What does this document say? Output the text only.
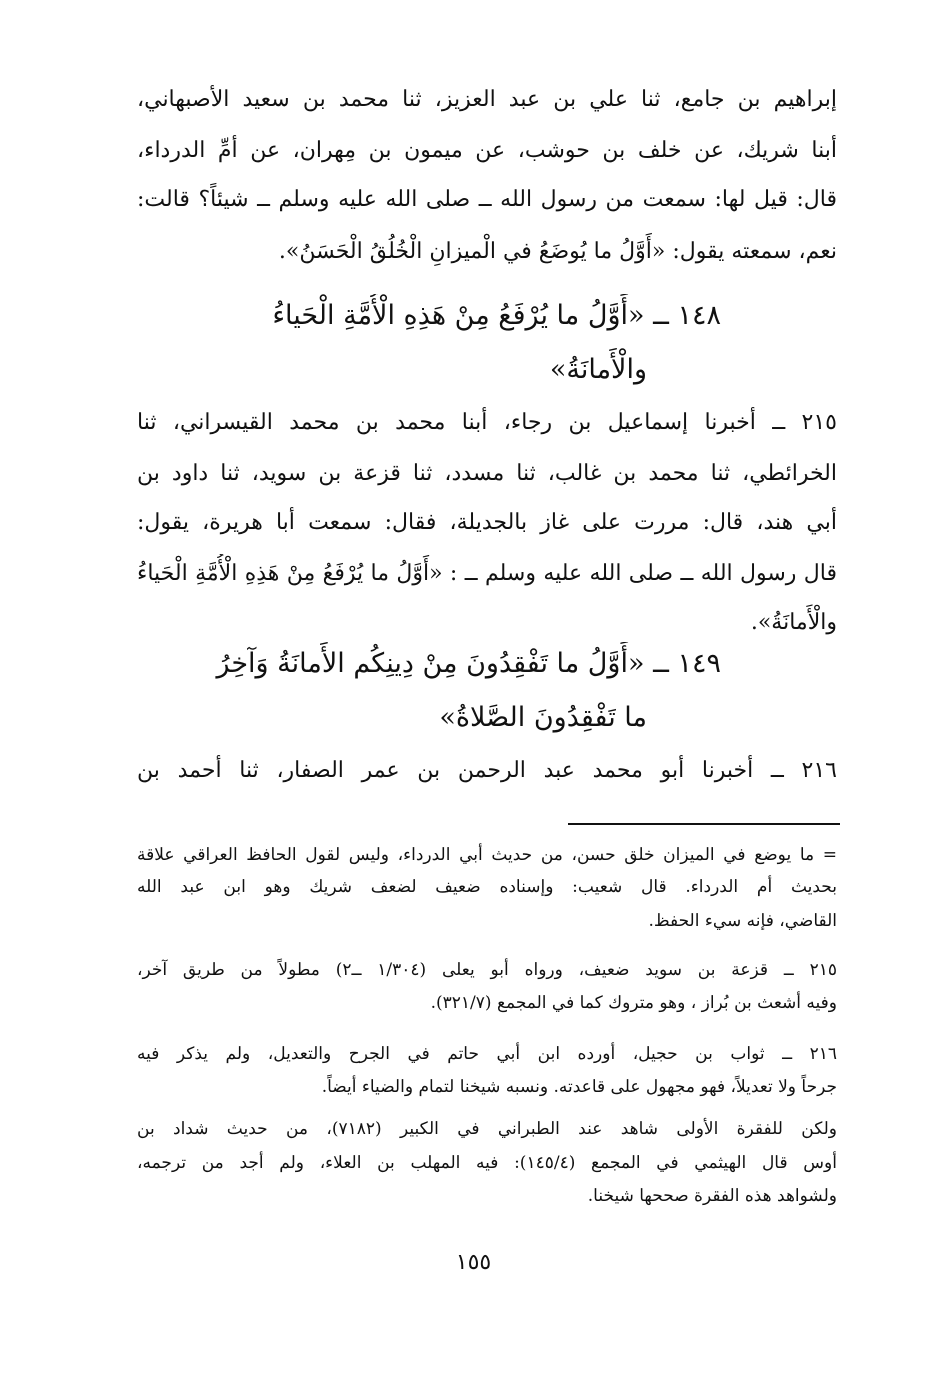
إبراهيم بن جامع، ثنا علي بن عبد العزيز، ثنا محمد بن سعيد الأصبهاني،
أبنا شريك، عن خلف بن حوشب، عن ميمون بن مِهران، عن أمِّ الدرداء،
قال: قيل لها: سمعت من رسول الله ــ صلى الله عليه وسلم ــ شيئاً؟ قالت:
نعم، سمعته يقول: «أَوَّلُ ما يُوضَعُ في الْميزانِ الْخُلُقُ الْحَسَنُ».
١٤٨ ــ «أَوَّلُ ما يُرْفَعُ مِنْ هَذِهِ الْأُمَّةِ الْحَياءُ
والْأَمانَةُ»
٢١٥ ــ أخبرنا إسماعيل بن رجاء، أبنا محمد بن محمد القيسراني، ثنا
الخرائطي، ثنا محمد بن غالب، ثنا مسدد، ثنا قزعة بن سويد، ثنا داود بن
أبي هند، قال: مررت على غاز بالجديلة، فقال: سمعت أبا هريرة، يقول:
قال رسول الله ــ صلى الله عليه وسلم ــ : «أَوَّلُ ما يُرْفَعُ مِنْ هَذِهِ الْأُمَّةِ الْحَياءُ
والْأَمانَةُ».
١٤٩ ــ «أَوَّلُ ما تَفْقِدُونَ مِنْ دِينِكُم الأَمانَةُ وَآخِرُ
ما تَفْقِدُونَ الصَّلاةُ»
٢١٦ ــ أخبرنا أبو محمد عبد الرحمن بن عمر الصفار، ثنا أحمد بن
= ما يوضع في الميزان خلق حسن، من حديث أبي الدرداء، وليس لقول الحافظ العراقي علاقة
بحديث أم الدرداء. قال شعيب: وإسناده ضعيف لضعف شريك وهو ابن عبد الله
القاضي، فإنه سيء الحفظ.
٢١٥ ــ قزعة بن سويد ضعيف، ورواه أبو يعلى (١/٣٠٤ ــ٢) مطولاً من طريق آخر،
وفيه أشعث بن بُراز ، وهو متروك كما في المجمع (٣٢١/٧).
٢١٦ ــ ثواب بن حجيل، أورده ابن أبي حاتم في الجرح والتعديل، ولم يذكر فيه
جرحاً ولا تعديلاً، فهو مجهول على قاعدته. ونسبه شيخنا لتمام والضياء أيضاً.
ولكن للفقرة الأولى شاهد عند الطبراني في الكبير (٧١٨٢)، من حديث شداد بن
أوس قال الهيثمي في المجمع (١٤٥/٤): فيه المهلب بن العلاء، ولم أجد من ترجمه،
ولشواهد هذه الفقرة صححها شيخنا.
١٥٥
